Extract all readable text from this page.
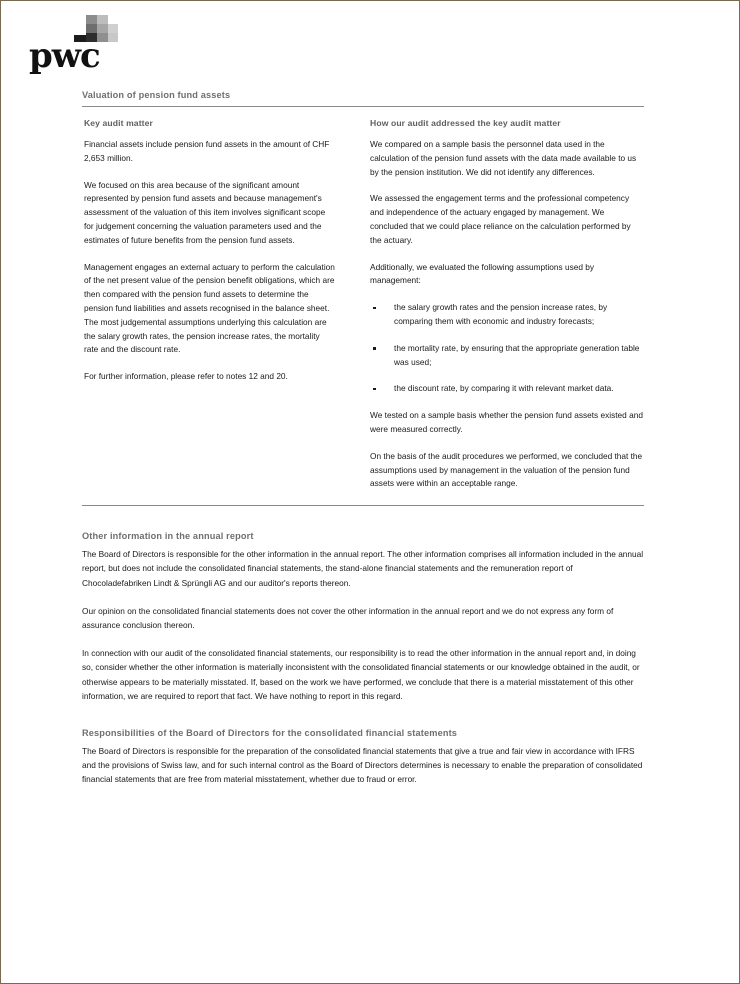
pwc
Valuation of pension fund assets
Key audit matter

Financial assets include pension fund assets in the amount of CHF 2,653 million.

We focused on this area because of the significant amount represented by pension fund assets and because management's assessment of the valuation of this item involves significant scope for judgement concerning the valuation parameters used and the estimates of future benefits from the pension fund assets.

Management engages an external actuary to perform the calculation of the net present value of the pension benefit obligations, which are then compared with the pension fund assets to determine the pension fund liabilities and assets recognised in the balance sheet. The most judgemental assumptions underlying this calculation are the salary growth rates, the pension increase rates, the mortality rate and the discount rate.

For further information, please refer to notes 12 and 20.

How our audit addressed the key audit matter

We compared on a sample basis the personnel data used in the calculation of the pension fund assets with the data made available to us by the pension institution. We did not identify any differences.

We assessed the engagement terms and the professional competency and independence of the actuary engaged by management. We concluded that we could place reliance on the calculation performed by the actuary.

Additionally, we evaluated the following assumptions used by management:

the salary growth rates and the pension increase rates, by comparing them with economic and industry forecasts;
the mortality rate, by ensuring that the appropriate generation table was used;
the discount rate, by comparing it with relevant market data.

We tested on a sample basis whether the pension fund assets existed and were measured correctly.

On the basis of the audit procedures we performed, we concluded that the assumptions used by management in the valuation of the pension fund assets were within an acceptable range.

Other information in the annual report

The Board of Directors is responsible for the other information in the annual report. The other information comprises all information included in the annual report, but does not include the consolidated financial statements, the stand-alone financial statements and the remuneration report of Chocoladefabriken Lindt & Sprüngli AG and our auditor's reports thereon.

Our opinion on the consolidated financial statements does not cover the other information in the annual report and we do not express any form of assurance conclusion thereon.

In connection with our audit of the consolidated financial statements, our responsibility is to read the other information in the annual report and, in doing so, consider whether the other information is materially inconsistent with the consolidated financial statements or our knowledge obtained in the audit, or otherwise appears to be materially misstated. If, based on the work we have performed, we conclude that there is a material misstatement of this other information, we are required to report that fact. We have nothing to report in this regard.

Responsibilities of the Board of Directors for the consolidated financial statements

The Board of Directors is responsible for the preparation of the consolidated financial statements that give a true and fair view in accordance with IFRS and the provisions of Swiss law, and for such internal control as the Board of Directors determines is necessary to enable the preparation of consolidated financial statements that are free from material misstatement, whether due to fraud or error.
